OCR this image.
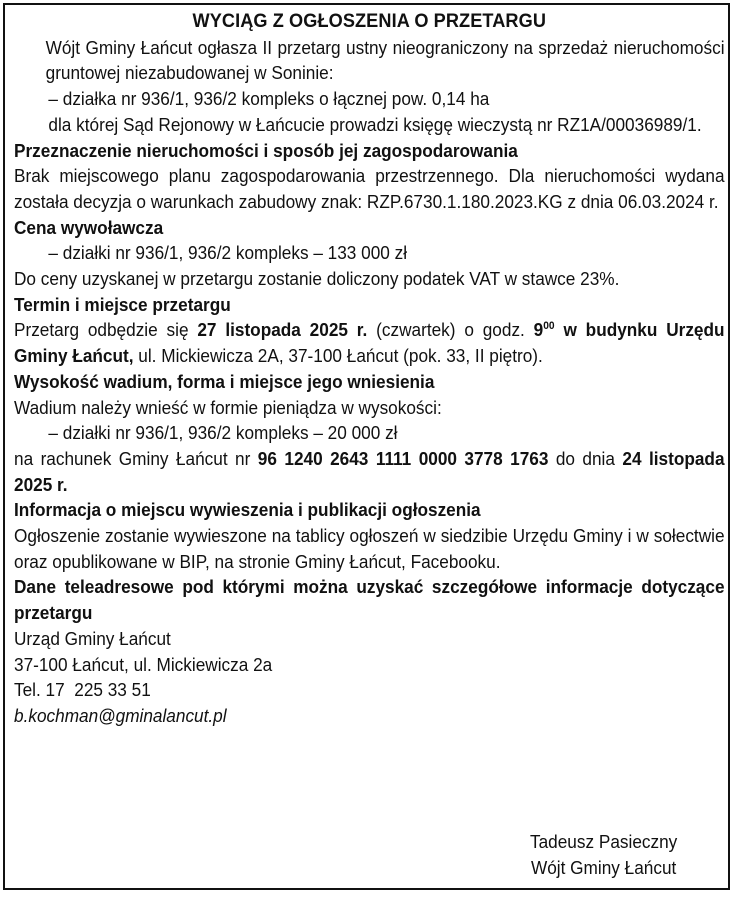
WYCIĄG Z OGŁOSZENIA O PRZETARGU
Wójt Gminy Łańcut ogłasza II przetarg ustny nieograniczony na sprzedaż nieruchomości gruntowej niezabudowanej w Soninie:
– działka nr 936/1, 936/2 kompleks o łącznej pow. 0,14 ha
dla której Sąd Rejonowy w Łańcucie prowadzi księgę wieczystą nr RZ1A/00036989/1.
Przeznaczenie nieruchomości i sposób jej zagospodarowania
Brak miejscowego planu zagospodarowania przestrzennego. Dla nieruchomości wydana została decyzja o warunkach zabudowy znak: RZP.6730.1.180.2023.KG z dnia 06.03.2024 r.
Cena wywoławcza
– działki nr 936/1, 936/2 kompleks – 133 000 zł
Do ceny uzyskanej w przetargu zostanie doliczony podatek VAT w stawce 23%.
Termin i miejsce przetargu
Przetarg odbędzie się 27 listopada 2025 r. (czwartek) o godz. $9^{00}$ w budynku Urzędu Gminy Łańcut, ul. Mickiewicza 2A, 37-100 Łańcut (pok. 33, II piętro).
Wysokość wadium, forma i miejsce jego wniesienia
Wadium należy wnieść w formie pieniądza w wysokości:
– działki nr 936/1, 936/2 kompleks – 20 000 zł
na rachunek Gminy Łańcut nr 96 1240 2643 1111 0000 3778 1763 do dnia 24 listopada 2025 r.
Informacja o miejscu wywieszenia i publikacji ogłoszenia
Ogłoszenie zostanie wywieszone na tablicy ogłoszeń w siedzibie Urzędu Gminy i w sołectwie oraz opublikowane w BIP, na stronie Gminy Łańcut, Facebooku.
Dane teleadresowe pod którymi można uzyskać szczegółowe informacje dotyczące przetargu
Urząd Gminy Łańcut
37-100 Łańcut, ul. Mickiewicza 2a
Tel. 17  225 33 51
b.kochman@gminalancut.pl
Tadeusz Pasieczny
Wójt Gminy Łańcut
